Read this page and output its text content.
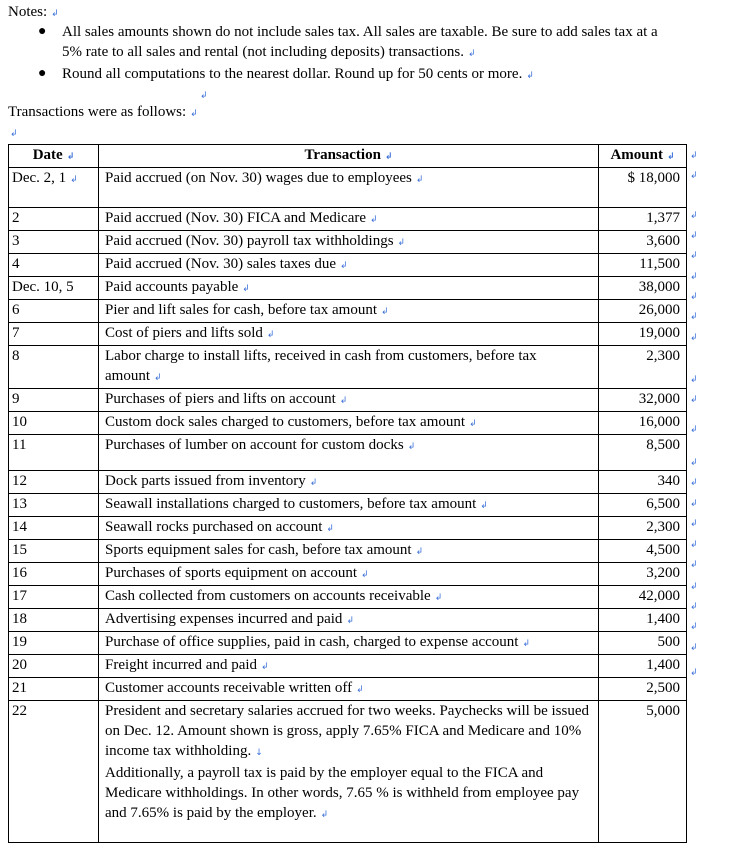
Notes: ↲
● All sales amounts shown do not include sales tax. All sales are taxable. Be sure to add sales tax at a 5% rate to all sales and rental (not including deposits) transactions. ↲
● Round all computations to the nearest dollar. Round up for 50 cents or more. ↲
↲
Transactions were as follows: ↲
↲
Date ↲	Transaction ↲	Amount ↲
Dec. 2, 1 ↲	Paid accrued (on Nov. 30) wages due to employees ↲	$ 18,000
2	Paid accrued (Nov. 30) FICA and Medicare ↲	1,377
3	Paid accrued (Nov. 30) payroll tax withholdings ↲	3,600
4	Paid accrued (Nov. 30) sales taxes due ↲	11,500
Dec. 10, 5	Paid accounts payable ↲	38,000
6	Pier and lift sales for cash, before tax amount ↲	26,000
7	Cost of piers and lifts sold ↲	19,000
8	Labor charge to install lifts, received in cash from customers, before tax amount ↲	2,300
9	Purchases of piers and lifts on account ↲	32,000
10	Custom dock sales charged to customers, before tax amount ↲	16,000
11	Purchases of lumber on account for custom docks ↲	8,500
12	Dock parts issued from inventory ↲	340
13	Seawall installations charged to customers, before tax amount ↲	6,500
14	Seawall rocks purchased on account ↲	2,300
15	Sports equipment sales for cash, before tax amount ↲	4,500
16	Purchases of sports equipment on account ↲	3,200
17	Cash collected from customers on accounts receivable ↲	42,000
18	Advertising expenses incurred and paid ↲	1,400
19	Purchase of office supplies, paid in cash, charged to expense account ↲	500
20	Freight incurred and paid ↲	1,400
21	Customer accounts receivable written off ↲	2,500
22	President and secretary salaries accrued for two weeks. Paychecks will be issued on Dec. 12. Amount shown is gross, apply 7.65% FICA and Medicare and 10% income tax withholding. ↓
Additionally, a payroll tax is paid by the employer equal to the FICA and Medicare withholdings. In other words, 7.65 % is withheld from employee pay and 7.65% is paid by the employer. ↲	5,000
↲
↲
↲
↲
↲
↲
↲
↲
↲
↲
↲
↲
↲
↲
↲
↲
↲
↲
↲
↲
↲
↲
↲
